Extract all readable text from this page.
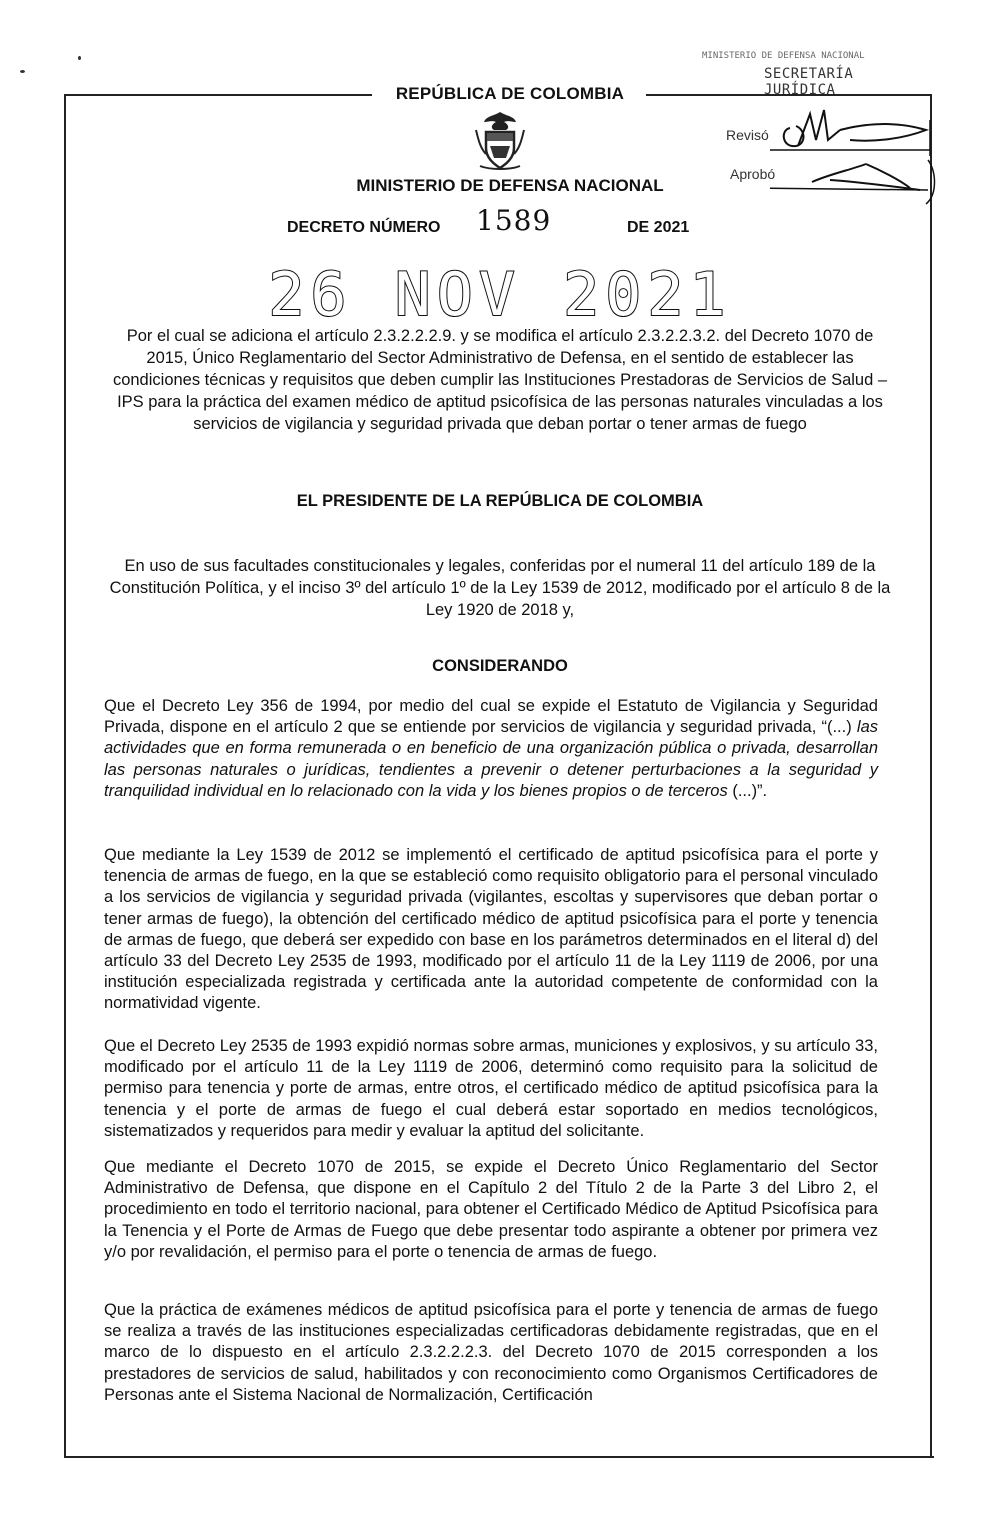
REPÚBLICA DE COLOMBIA
MINISTERIO DE DEFENSA NACIONAL
DECRETO NÚMERO 1589	DE 2021
26 NOV 2021
MINISTERIO DE DEFENSA NACIONAL
SECRETARÍA JURÍDICA
Revisó
Aprobó
Por el cual se adiciona el artículo 2.3.2.2.2.9. y se modifica el artículo 2.3.2.2.3.2. del Decreto 1070 de 2015, Único Reglamentario del Sector Administrativo de Defensa, en el sentido de establecer las condiciones técnicas y requisitos que deben cumplir las Instituciones Prestadoras de Servicios de Salud – IPS para la práctica del examen médico de aptitud psicofísica de las personas naturales vinculadas a los servicios de vigilancia y seguridad privada que deban portar o tener armas de fuego
EL PRESIDENTE DE LA REPÚBLICA DE COLOMBIA
En uso de sus facultades constitucionales y legales, conferidas por el numeral 11 del artículo 189 de la Constitución Política, y el inciso 3º del artículo 1º de la Ley 1539 de 2012, modificado por el artículo 8 de la Ley 1920 de 2018 y,
CONSIDERANDO
Que el Decreto Ley 356 de 1994, por medio del cual se expide el Estatuto de Vigilancia y Seguridad Privada, dispone en el artículo 2 que se entiende por servicios de vigilancia y seguridad privada, “(...) las actividades que en forma remunerada o en beneficio de una organización pública o privada, desarrollan las personas naturales o jurídicas, tendientes a prevenir o detener perturbaciones a la seguridad y tranquilidad individual en lo relacionado con la vida y los bienes propios o de terceros (...)”.
Que mediante la Ley 1539 de 2012 se implementó el certificado de aptitud psicofísica para el porte y tenencia de armas de fuego, en la que se estableció como requisito obligatorio para el personal vinculado a los servicios de vigilancia y seguridad privada (vigilantes, escoltas y supervisores que deban portar o tener armas de fuego), la obtención del certificado médico de aptitud psicofísica para el porte y tenencia de armas de fuego, que deberá ser expedido con base en los parámetros determinados en el literal d) del artículo 33 del Decreto Ley 2535 de 1993, modificado por el artículo 11 de la Ley 1119 de 2006, por una institución especializada registrada y certificada ante la autoridad competente de conformidad con la normatividad vigente.
Que el Decreto Ley 2535 de 1993 expidió normas sobre armas, municiones y explosivos, y su artículo 33, modificado por el artículo 11 de la Ley 1119 de 2006, determinó como requisito para la solicitud de permiso para tenencia y porte de armas, entre otros, el certificado médico de aptitud psicofísica para la tenencia y el porte de armas de fuego el cual deberá estar soportado en medios tecnológicos, sistematizados y requeridos para medir y evaluar la aptitud del solicitante.
Que mediante el Decreto 1070 de 2015, se expide el Decreto Único Reglamentario del Sector Administrativo de Defensa, que dispone en el Capítulo 2 del Título 2 de la Parte 3 del Libro 2, el procedimiento en todo el territorio nacional, para obtener el Certificado Médico de Aptitud Psicofísica para la Tenencia y el Porte de Armas de Fuego que debe presentar todo aspirante a obtener por primera vez y/o por revalidación, el permiso para el porte o tenencia de armas de fuego.
Que la práctica de exámenes médicos de aptitud psicofísica para el porte y tenencia de armas de fuego se realiza a través de las instituciones especializadas certificadoras debidamente registradas, que en el marco de lo dispuesto en el artículo 2.3.2.2.2.3. del Decreto 1070 de 2015 corresponden a los prestadores de servicios de salud, habilitados y con reconocimiento como Organismos Certificadores de Personas ante el Sistema Nacional de Normalización, Certificación
